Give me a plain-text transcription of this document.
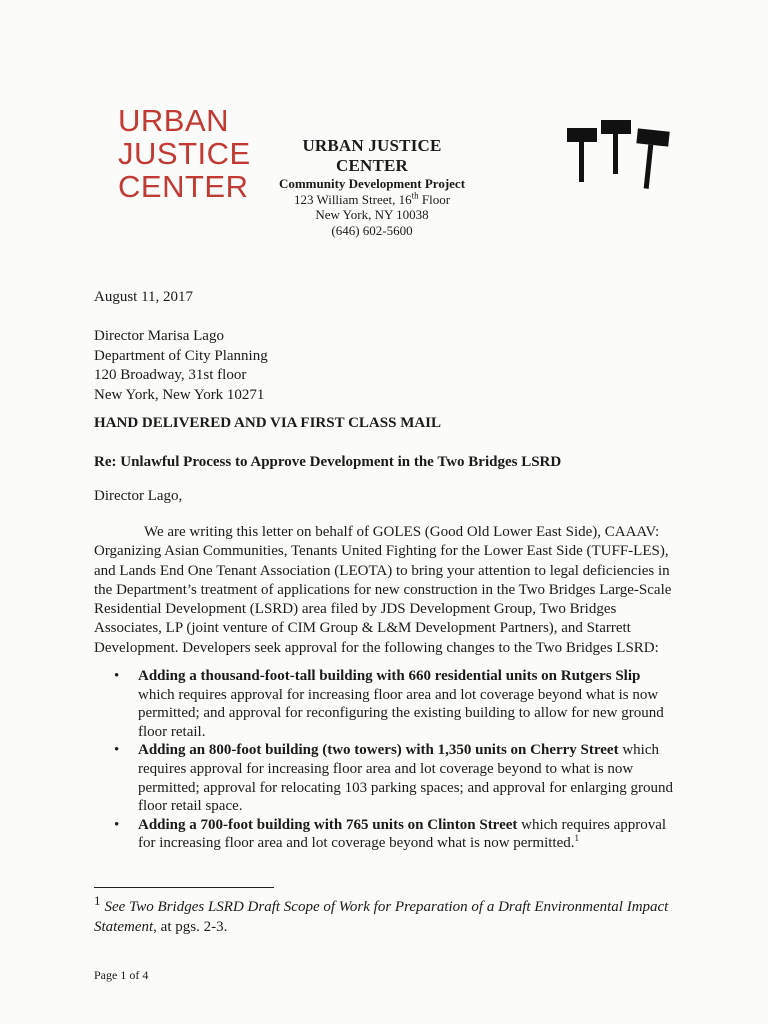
URBAN
JUSTICE
CENTER
URBAN JUSTICE CENTER
Community Development Project
123 William Street, 16th Floor
New York, NY 10038
(646) 602-5600
August 11, 2017
Director Marisa Lago
Department of City Planning
120 Broadway, 31st floor
New York, New York 10271
HAND DELIVERED AND VIA FIRST CLASS MAIL
Re: Unlawful Process to Approve Development in the Two Bridges LSRD
Director Lago,
We are writing this letter on behalf of GOLES (Good Old Lower East Side), CAAAV: Organizing Asian Communities, Tenants United Fighting for the Lower East Side (TUFF-LES), and Lands End One Tenant Association (LEOTA) to bring your attention to legal deficiencies in the Department’s treatment of applications for new construction in the Two Bridges Large-Scale Residential Development (LSRD) area filed by JDS Development Group, Two Bridges Associates, LP (joint venture of CIM Group & L&M Development Partners), and Starrett Development. Developers seek approval for the following changes to the Two Bridges LSRD:
• Adding a thousand-foot-tall building with 660 residential units on Rutgers Slip which requires approval for increasing floor area and lot coverage beyond what is now permitted; and approval for reconfiguring the existing building to allow for new ground floor retail.
• Adding an 800-foot building (two towers) with 1,350 units on Cherry Street which requires approval for increasing floor area and lot coverage beyond to what is now permitted; approval for relocating 103 parking spaces; and approval for enlarging ground floor retail space.
• Adding a 700-foot building with 765 units on Clinton Street which requires approval for increasing floor area and lot coverage beyond what is now permitted.$^1$
$^1$ See Two Bridges LSRD Draft Scope of Work for Preparation of a Draft Environmental Impact Statement, at pgs. 2-3.
Page 1 of 4
